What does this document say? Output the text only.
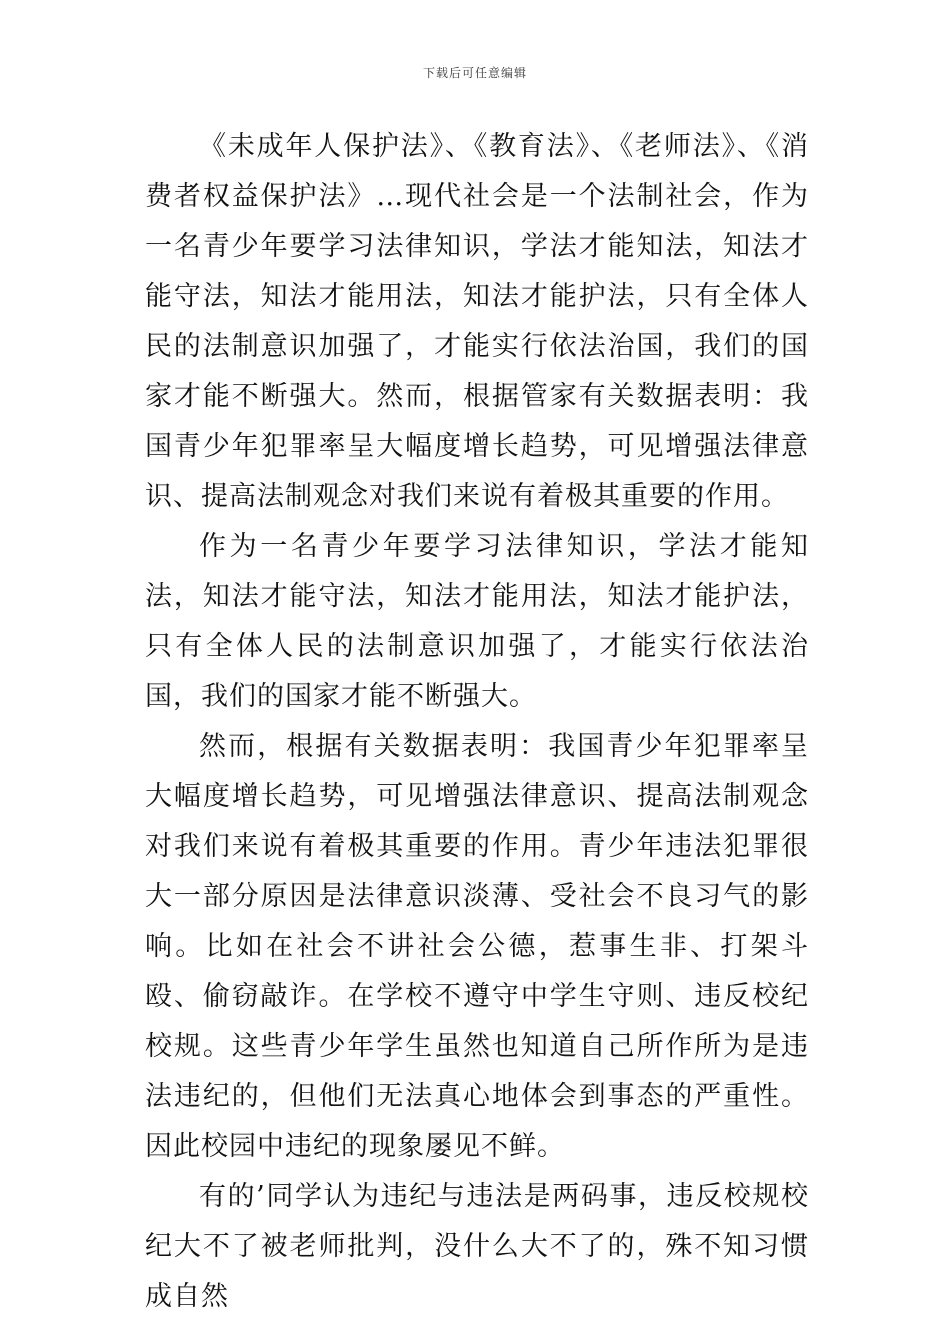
下载后可任意编辑

《未成年人保护法》、《教育法》、《老师法》、《消费者权益保护法》…现代社会是一个法制社会，作为一名青少年要学习法律知识，学法才能知法，知法才能守法，知法才能用法，知法才能护法，只有全体人民的法制意识加强了，才能实行依法治国，我们的国家才能不断强大。然而，根据管家有关数据表明：我国青少年犯罪率呈大幅度增长趋势，可见增强法律意识、提高法制观念对我们来说有着极其重要的作用。

作为一名青少年要学习法律知识，学法才能知法，知法才能守法，知法才能用法，知法才能护法，只有全体人民的法制意识加强了，才能实行依法治国，我们的国家才能不断强大。

然而，根据有关数据表明：我国青少年犯罪率呈大幅度增长趋势，可见增强法律意识、提高法制观念对我们来说有着极其重要的作用。青少年违法犯罪很大一部分原因是法律意识淡薄、受社会不良习气的影响。比如在社会不讲社会公德，惹事生非、打架斗殴、偷窃敲诈。在学校不遵守中学生守则、违反校纪校规。这些青少年学生虽然也知道自己所作所为是违法违纪的，但他们无法真心地体会到事态的严重性。因此校园中违纪的现象屡见不鲜。

有的’同学认为违纪与违法是两码事，违反校规校纪大不了被老师批判，没什么大不了的，殊不知习惯成自然
